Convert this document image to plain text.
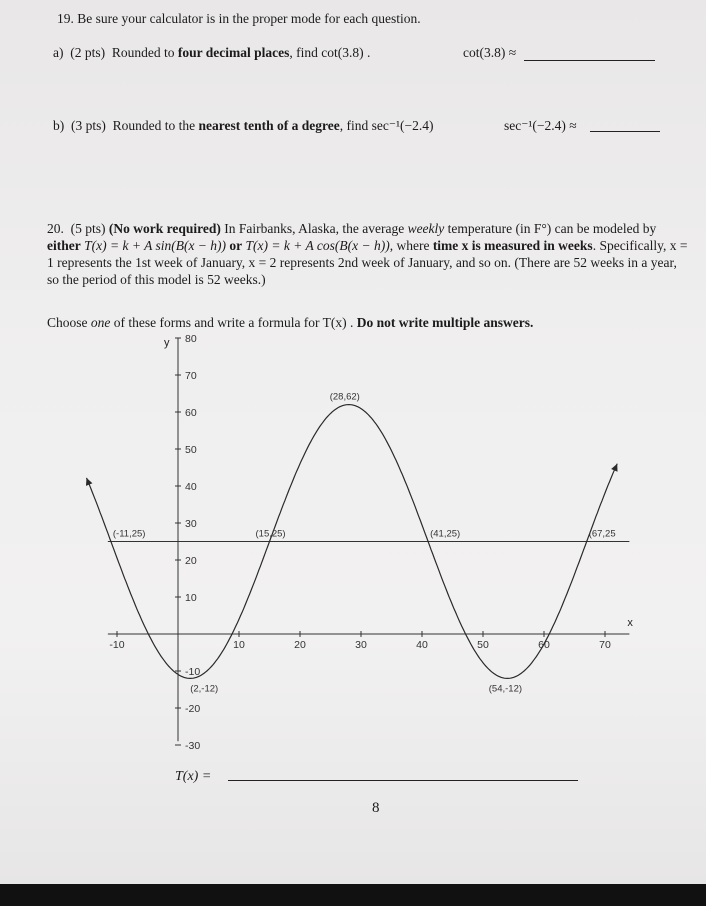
19. Be sure your calculator is in the proper mode for each question.
a) (2 pts) Rounded to four decimal places, find cot(3.8) .	cot(3.8) ≈
b) (3 pts) Rounded to the nearest tenth of a degree, find sec⁻¹(−2.4)	sec⁻¹(−2.4) ≈
20. (5 pts) (No work required) In Fairbanks, Alaska, the average weekly temperature (in F°) can be modeled by either T(x) = k + A sin(B(x − h)) or T(x) = k + A cos(B(x − h)), where time x is measured in weeks. Specifically, x = 1 represents the 1st week of January, x = 2 represents 2nd week of January, and so on. (There are 52 weeks in a year, so the period of this model is 52 weeks.)
Choose one of these forms and write a formula for T(x) . Do not write multiple answers.
x
y
-10	10	20	30	40	50	60	70
-30
-20
-10
10
20
30
40
50
60
70
80
(-11,25)	(15,25)
(28,62)
(41,25)	(67,25
(2,-12)	(54,-12)
T(x) =
8
